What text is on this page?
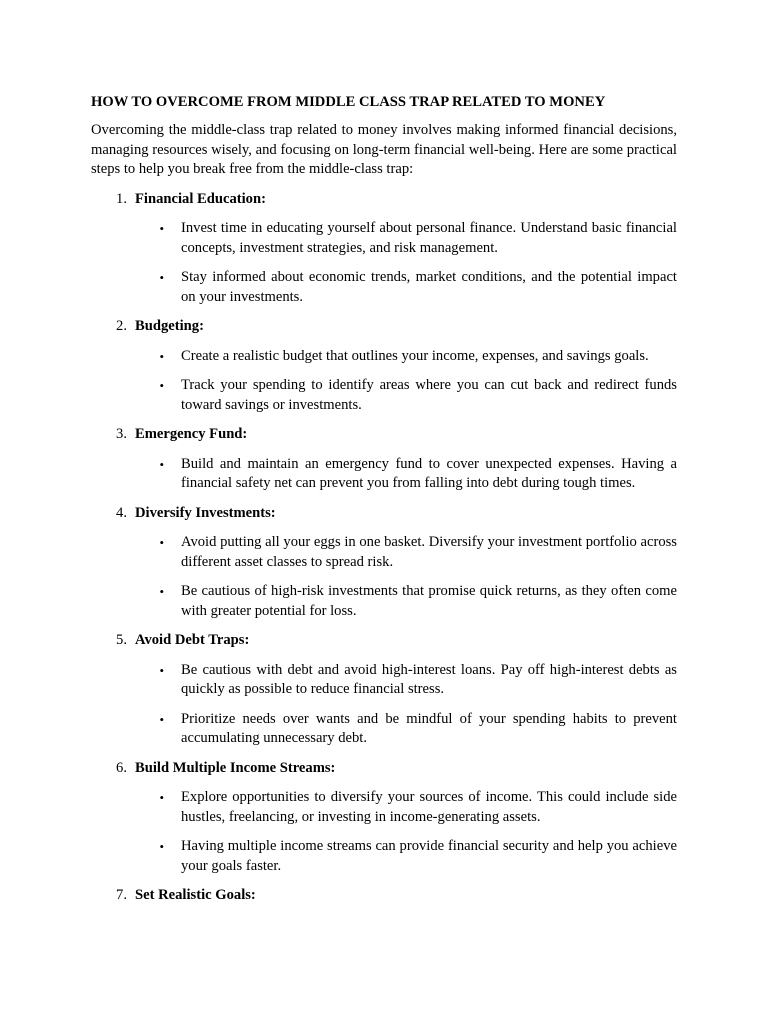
HOW TO OVERCOME FROM MIDDLE CLASS TRAP RELATED TO MONEY
Overcoming the middle-class trap related to money involves making informed financial decisions, managing resources wisely, and focusing on long-term financial well-being. Here are some practical steps to help you break free from the middle-class trap:
1. Financial Education:
•	Invest time in educating yourself about personal finance. Understand basic financial concepts, investment strategies, and risk management.
•	Stay informed about economic trends, market conditions, and the potential impact on your investments.
2. Budgeting:
•	Create a realistic budget that outlines your income, expenses, and savings goals.
•	Track your spending to identify areas where you can cut back and redirect funds toward savings or investments.
3. Emergency Fund:
•	Build and maintain an emergency fund to cover unexpected expenses. Having a financial safety net can prevent you from falling into debt during tough times.
4. Diversify Investments:
•	Avoid putting all your eggs in one basket. Diversify your investment portfolio across different asset classes to spread risk.
•	Be cautious of high-risk investments that promise quick returns, as they often come with greater potential for loss.
5. Avoid Debt Traps:
•	Be cautious with debt and avoid high-interest loans. Pay off high-interest debts as quickly as possible to reduce financial stress.
•	Prioritize needs over wants and be mindful of your spending habits to prevent accumulating unnecessary debt.
6. Build Multiple Income Streams:
•	Explore opportunities to diversify your sources of income. This could include side hustles, freelancing, or investing in income-generating assets.
•	Having multiple income streams can provide financial security and help you achieve your goals faster.
7. Set Realistic Goals:
